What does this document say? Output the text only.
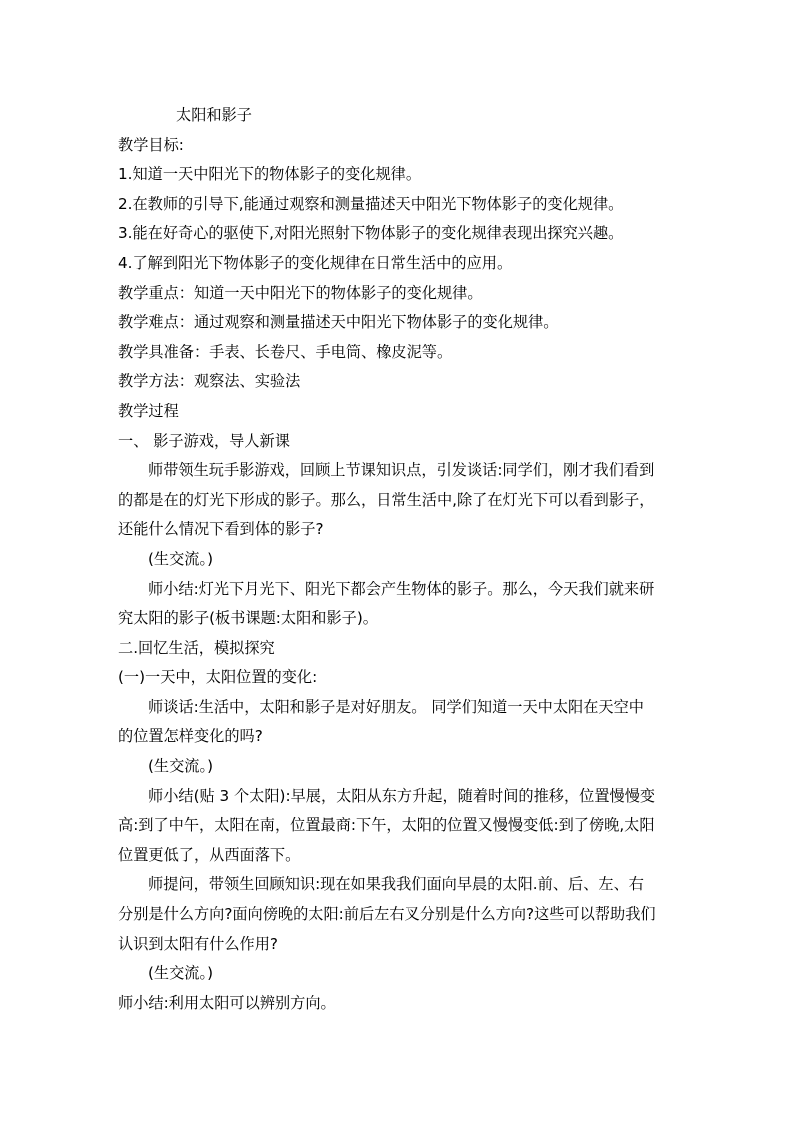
太阳和影子
教学目标:
1.知道一天中阳光下的物体影子的变化规律。
2.在教师的引导下,能通过观察和测量描述天中阳光下物体影子的变化规律。
3.能在好奇心的驱使下,对阳光照射下物体影子的变化规律表现出探究兴趣。
4.了解到阳光下物体影子的变化规律在日常生活中的应用。
教学重点：知道一天中阳光下的物体影子的变化规律。
教学难点：通过观察和测量描述天中阳光下物体影子的变化规律。
教学具准备：手表、长卷尺、手电筒、橡皮泥等。
教学方法：观察法、实验法
教学过程
一、 影子游戏，导人新课
师带领生玩手影游戏，回顾上节课知识点，引发谈话:同学们，刚才我们看到的都是在的灯光下形成的影子。那么，日常生活中,除了在灯光下可以看到影子，还能什么情况下看到体的影子?
(生交流。)
师小结:灯光下月光下、阳光下都会产生物体的影子。那么，今天我们就来研究太阳的影子(板书课题:太阳和影子)。
二.回忆生活，模拟探究
(一)一天中，太阳位置的变化:
师谈话:生活中，太阳和影子是对好朋友。 同学们知道一天中太阳在天空中的位置怎样变化的吗?
(生交流。)
师小结(贴 3 个太阳):早展，太阳从东方升起，随着时间的推移，位置慢慢变高:到了中午，太阳在南，位置最商:下午，太阳的位置又慢慢变低:到了傍晚,太阳位置更低了，从西面落下。
师提问，带领生回顾知识:现在如果我我们面向早晨的太阳.前、后、左、右分别是什么方向?面向傍晚的太阳:前后左右叉分别是什么方向?这些可以帮助我们认识到太阳有什么作用?
(生交流。)
师小结:利用太阳可以辨别方向。
